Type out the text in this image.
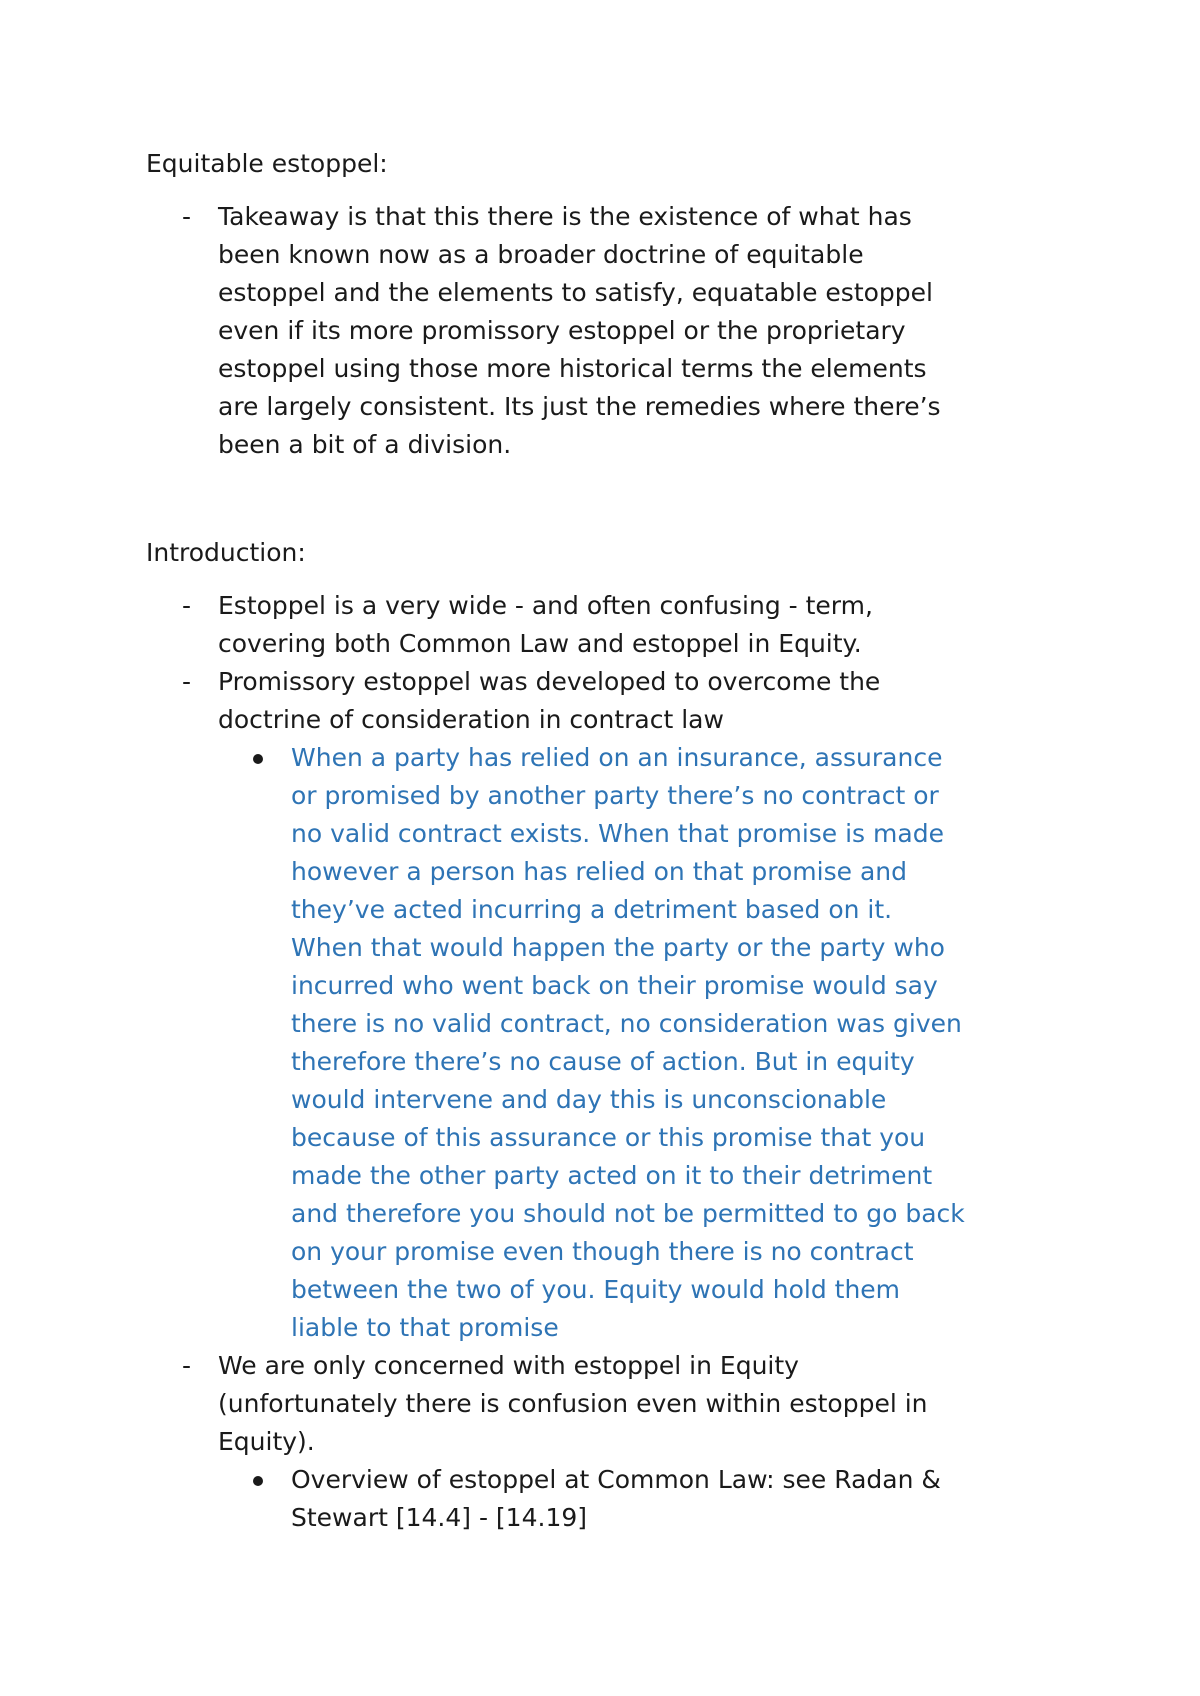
Equitable estoppel:
- Takeaway is that this there is the existence of what has
been known now as a broader doctrine of equitable
estoppel and the elements to satisfy, equatable estoppel
even if its more promissory estoppel or the proprietary
estoppel using those more historical terms the elements
are largely consistent. Its just the remedies where there’s
been a bit of a division.
Introduction:
- Estoppel is a very wide - and often confusing - term,
covering both Common Law and estoppel in Equity.
- Promissory estoppel was developed to overcome the
doctrine of consideration in contract law
When a party has relied on an insurance, assurance
or promised by another party there’s no contract or
no valid contract exists. When that promise is made
however a person has relied on that promise and
they’ve acted incurring a detriment based on it.
When that would happen the party or the party who
incurred who went back on their promise would say
there is no valid contract, no consideration was given
therefore there’s no cause of action. But in equity
would intervene and day this is unconscionable
because of this assurance or this promise that you
made the other party acted on it to their detriment
and therefore you should not be permitted to go back
on your promise even though there is no contract
between the two of you. Equity would hold them
liable to that promise
- We are only concerned with estoppel in Equity
(unfortunately there is confusion even within estoppel in
Equity).
Overview of estoppel at Common Law: see Radan &
Stewart [14.4] - [14.19]
